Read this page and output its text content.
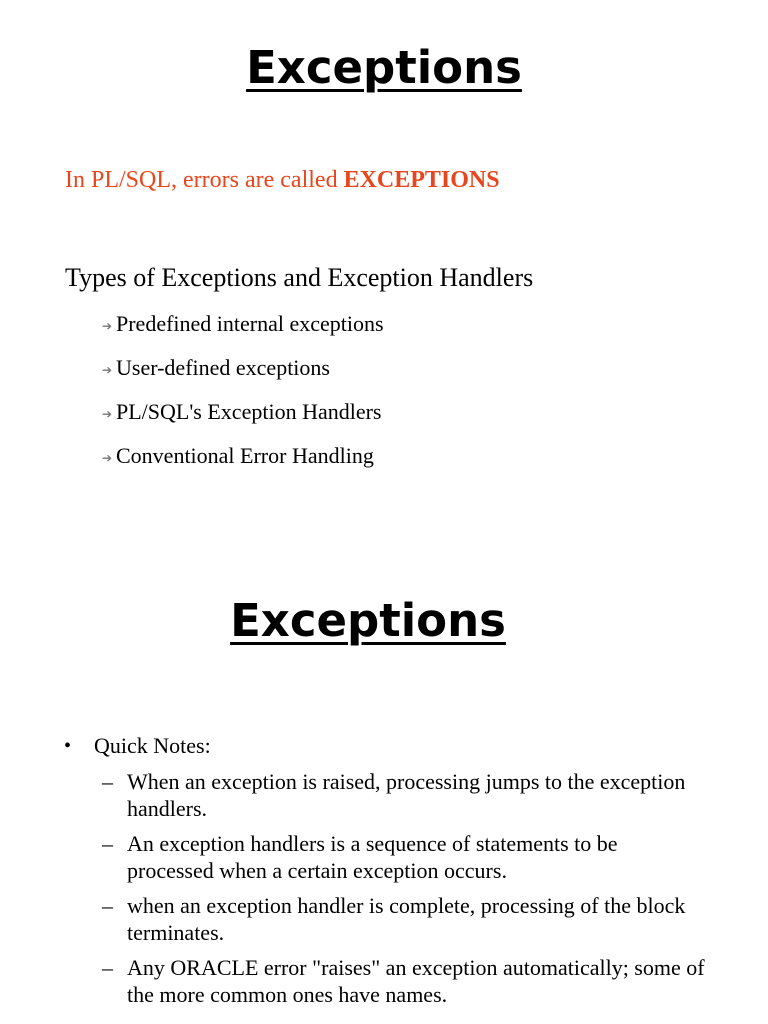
Exceptions
In PL/SQL, errors are called EXCEPTIONS
Types of Exceptions and Exception Handlers
➔ Predefined internal exceptions
➔ User-defined exceptions
➔ PL/SQL's Exception Handlers
➔ Conventional Error Handling
Exceptions
•	Quick Notes:
– When an exception is raised, processing jumps to the exception handlers.
– An exception handlers is a sequence of statements to be processed when a certain exception occurs.
– when an exception handler is complete, processing of the block terminates.
– Any ORACLE error "raises" an exception automatically; some of the more common ones have names.
